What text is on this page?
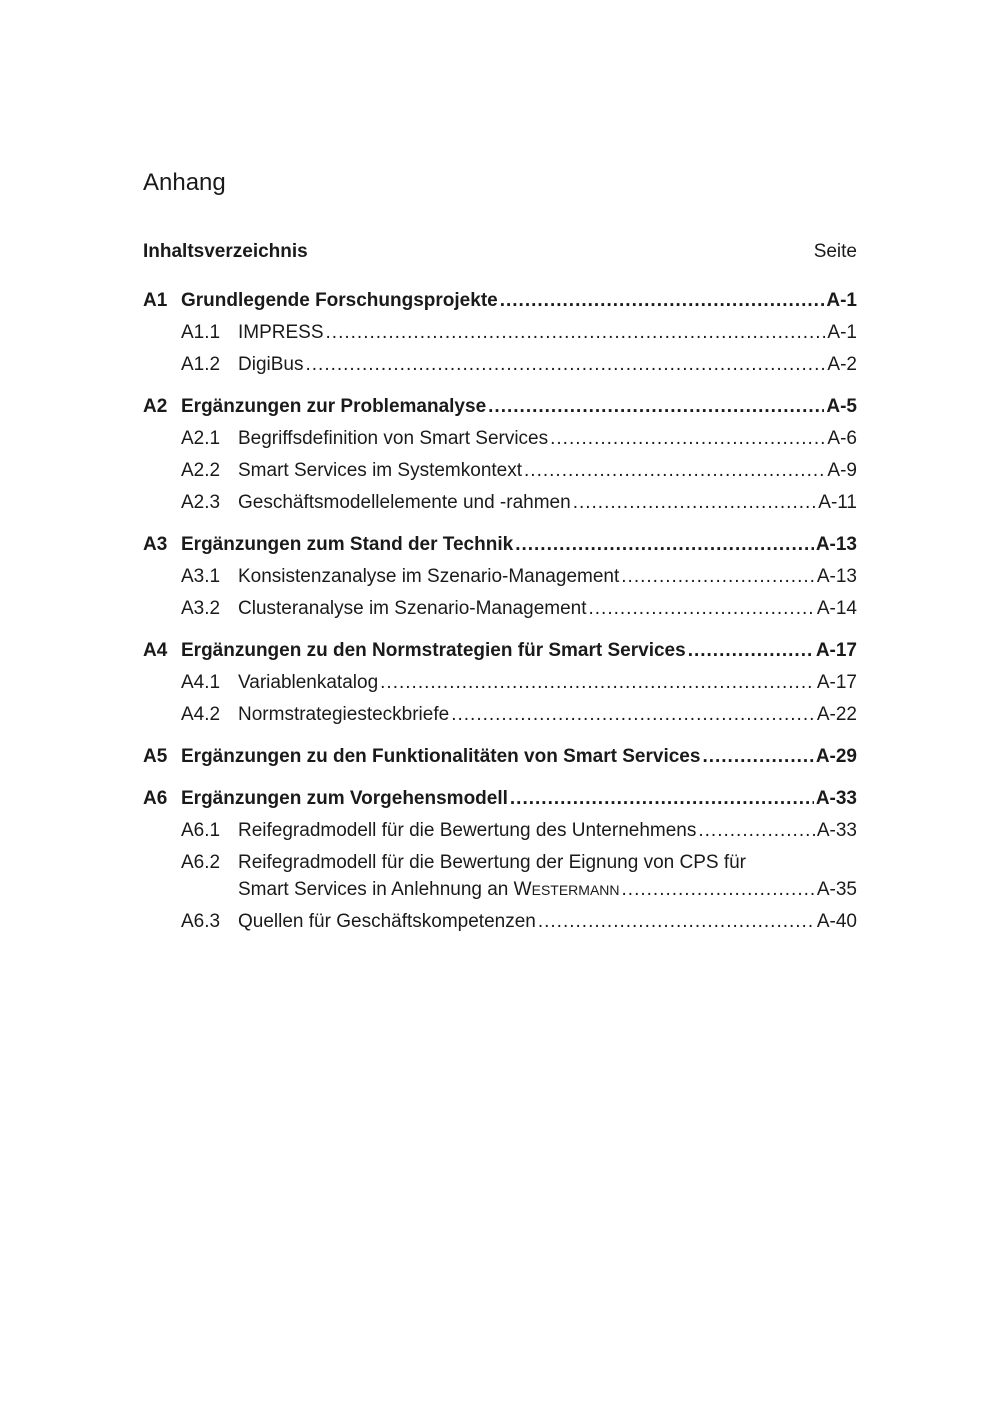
Anhang
Inhaltsverzeichnis	Seite
A1 Grundlegende Forschungsprojekte .....	A-1
A1.1 IMPRESS .....	A-1
A1.2 DigiBus .....	A-2
A2 Ergänzungen zur Problemanalyse .....	A-5
A2.1 Begriffsdefinition von Smart Services .....	A-6
A2.2 Smart Services im Systemkontext .....	A-9
A2.3 Geschäftsmodellelemente und -rahmen .....	A-11
A3 Ergänzungen zum Stand der Technik .....	A-13
A3.1 Konsistenzanalyse im Szenario-Management .....	A-13
A3.2 Clusteranalyse im Szenario-Management .....	A-14
A4 Ergänzungen zu den Normstrategien für Smart Services .....	A-17
A4.1 Variablenkatalog .....	A-17
A4.2 Normstrategiesteckbriefe .....	A-22
A5 Ergänzungen zu den Funktionalitäten von Smart Services .....	A-29
A6 Ergänzungen zum Vorgehensmodell .....	A-33
A6.1 Reifegradmodell für die Bewertung des Unternehmens .....	A-33
A6.2 Reifegradmodell für die Bewertung der Eignung von CPS für
Smart Services in Anlehnung an WESTERMANN .....	A-35
A6.3 Quellen für Geschäftskompetenzen .....	A-40
